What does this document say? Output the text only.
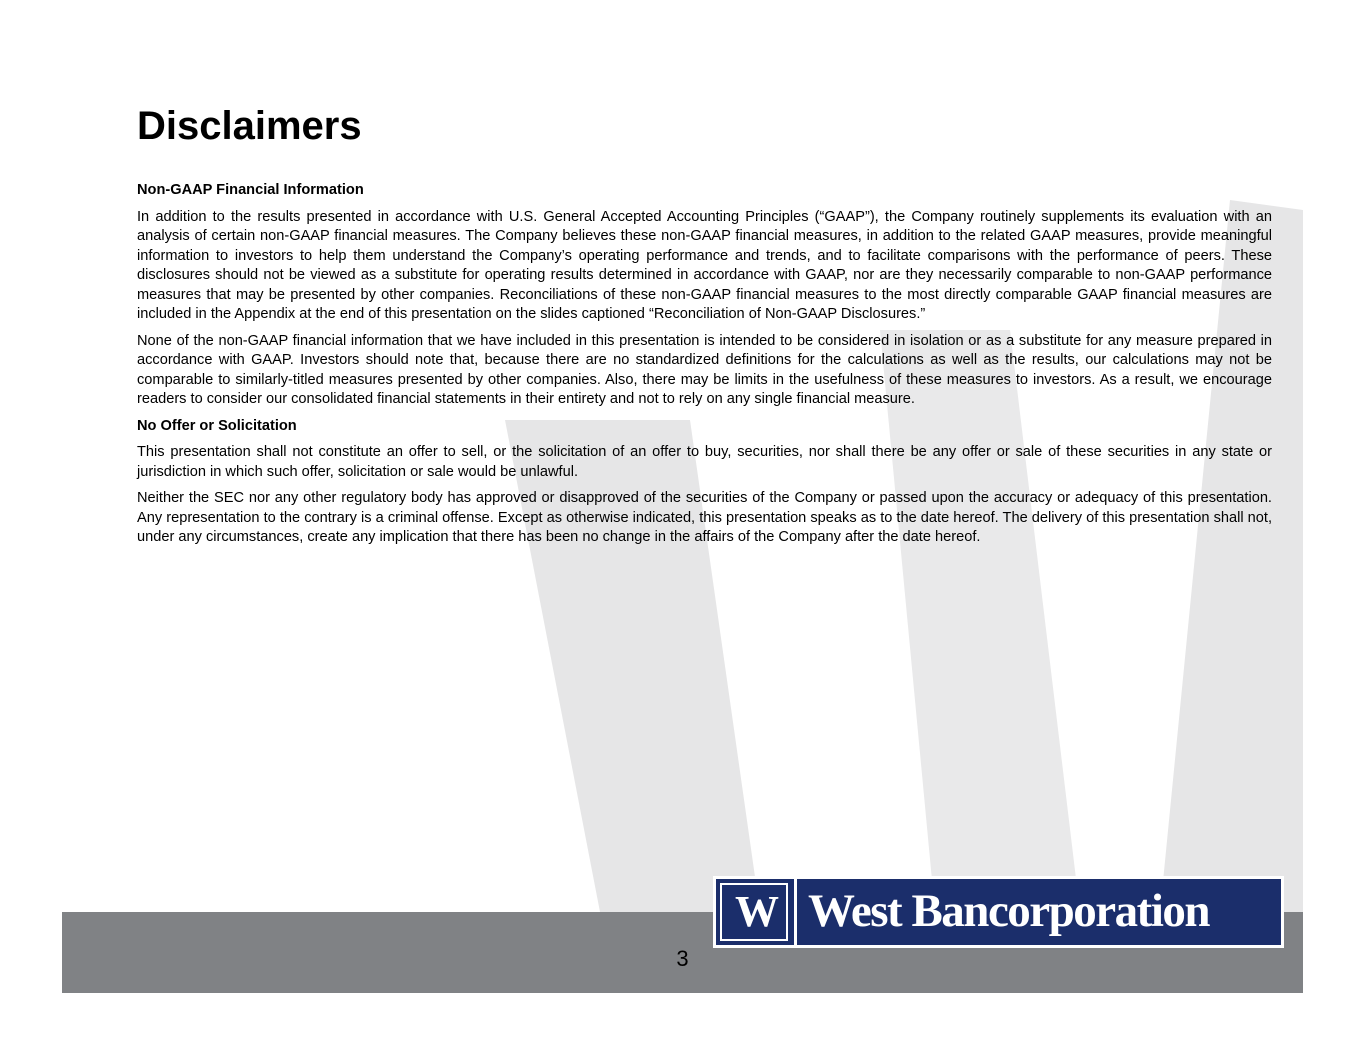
Disclaimers
Non-GAAP Financial Information

In addition to the results presented in accordance with U.S. General Accepted Accounting Principles (“GAAP”), the Company routinely supplements its evaluation with an analysis of certain non-GAAP financial measures. The Company believes these non-GAAP financial measures, in addition to the related GAAP measures, provide meaningful information to investors to help them understand the Company’s operating performance and trends, and to facilitate comparisons with the performance of peers. These disclosures should not be viewed as a substitute for operating results determined in accordance with GAAP, nor are they necessarily comparable to non-GAAP performance measures that may be presented by other companies. Reconciliations of these non-GAAP financial measures to the most directly comparable GAAP financial measures are included in the Appendix at the end of this presentation on the slides captioned “Reconciliation of Non-GAAP Disclosures.”

None of the non-GAAP financial information that we have included in this presentation is intended to be considered in isolation or as a substitute for any measure prepared in accordance with GAAP. Investors should note that, because there are no standardized definitions for the calculations as well as the results, our calculations may not be comparable to similarly-titled measures presented by other companies. Also, there may be limits in the usefulness of these measures to investors. As a result, we encourage readers to consider our consolidated financial statements in their entirety and not to rely on any single financial measure.

No Offer or Solicitation

This presentation shall not constitute an offer to sell, or the solicitation of an offer to buy, securities, nor shall there be any offer or sale of these securities in any state or jurisdiction in which such offer, solicitation or sale would be unlawful.

Neither the SEC nor any other regulatory body has approved or disapproved of the securities of the Company or passed upon the accuracy or adequacy of this presentation. Any representation to the contrary is a criminal offense. Except as otherwise indicated, this presentation speaks as to the date hereof. The delivery of this presentation shall not, under any circumstances, create any implication that there has been no change in the affairs of the Company after the date hereof.

3
W West Bancorporation
